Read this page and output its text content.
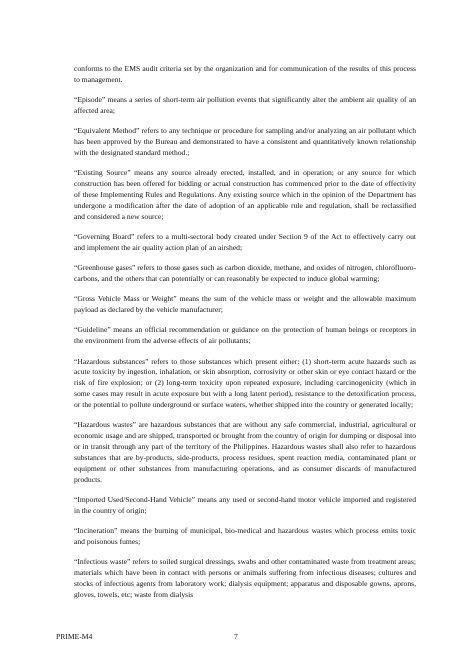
conforms to the EMS audit criteria set by the organization and for communication of the results of this process to management.

“Episode” means a series of short-term air pollution events that significantly alter the ambient air quality of an affected area;

“Equivalent Method” refers to any technique or procedure for sampling and/or analyzing an air pollutant which has been approved by the Bureau and demonstrated to have a consistent and quantitatively known relationship with the designated standard method.;

“Existing Source” means any source already erected, installed, and in operation; or any source for which construction has been offered for bidding or actual construction has commenced prior to the date of effectivity of these Implementing Rules and Regulations. Any existing source which in the opinion of the Department has undergone a modification after the date of adoption of an applicable rule and regulation, shall be reclassified and considered a new source;

“Governing Board” refers to a multi-sectoral body created under Section 9 of the Act to effectively carry out and implement the air quality action plan of an airshed;

“Greenhouse gases” refers to those gases such as carbon dioxide, methane, and oxides of nitrogen, chlorofluoro-carbons, and the others that can potentially or can reasonably be expected to induce global warming;

“Gross Vehicle Mass or Weight” means the sum of the vehicle mass or weight and the allowable maximum payload as declared by the vehicle manufacturer;

“Guideline” means an official recommendation or guidance on the protection of human beings or receptors in the environment from the adverse effects of air pollutants;

“Hazardous substances” refers to those substances which present either: (1) short-term acute hazards such as acute toxicity by ingestion, inhalation, or skin absorption, corrosivity or other skin or eye contact hazard or the risk of fire explosion; or (2) long-term toxicity upon repeated exposure, including carcinogenicity (which in some cases may result in acute exposure but with a long latent period), resistance to the detoxification process, or the potential to pollute underground or surface waters, whether shipped into the country or generated locally;

“Hazardous wastes” are hazardous substances that are without any safe commercial, industrial, agricultural or economic usage and are shipped, transported or brought from the country of origin for dumping or disposal into or in transit through any part of the territory of the Philippines. Hazardous wastes shall also refer to hazardous substances that are by-products, side-products, process residues, spent reaction media, contaminated plant or equipment or other substances from manufacturing operations, and as consumer discards of manufactured products.

“Imported Used/Second-Hand Vehicle” means any used or second-hand motor vehicle imported and registered in the country of origin;

“Incineration” means the burning of municipal, bio-medical and hazardous wastes which process emits toxic and poisonous fumes;

“Infectious waste” refers to soiled surgical dressings, swabs and other contaminated waste from treatment areas; materials which have been in contact with persons or animals suffering from infectious diseases; cultures and stocks of infectious agents from laboratory work; dialysis equipment; apparatus and disposable gowns, aprons, gloves, towels, etc; waste from dialysis

PRIME-M4	7
